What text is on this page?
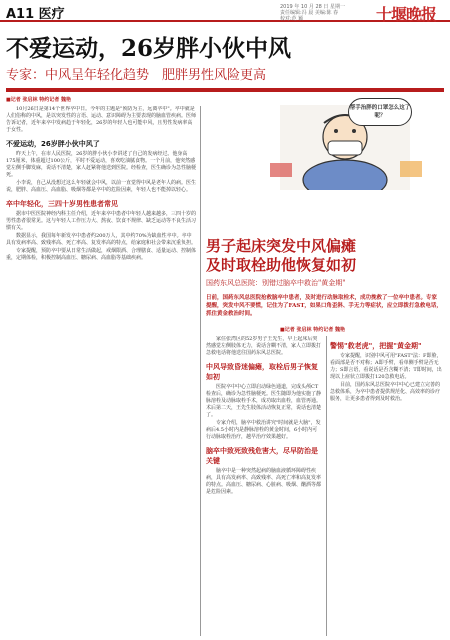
A11 医疗	2019 年 10 月 28 日 星期一
责任编辑:冯 晨 美编:陈 春
校对:范 颖	十堰晚报
不爱运动，26岁胖小伙中风
专家：中风呈年轻化趋势　肥胖男性风险更高
■记者 张启林 特约记者 魏艳
帮手治胖的口罩怎么这了呢？

10月26日是第14个世界卒中日。今年的主题是"预防为主，远离卒中"。卒中就是人们俗称的中风，是以突发性的言语、运动、意识障碍为主要表现的脑血管疾病。医师告诉记者，近年来卒中发病趋于年轻化，26岁的年轻人也可能中风，且男性发病率高于女性。

不爱运动，26岁胖小伙中风了

昨天上午，在市人民医院，26岁的胖小伙小李讲述了自己的发病经过。他身高175厘米，体重超过100公斤，平时不爱运动，喜欢吃油腻食物。一个月前，他突然感觉左侧手脚发麻，说话不清楚，家人赶紧将他送到医院。经检查，医生确诊为急性脑梗死。

小李说，自己从没想过这么年轻就会中风，以前一直觉得中风是老年人的病。医生说，肥胖、高血压、高血脂、吸烟等都是卒中的危险因素，年轻人也不能掉以轻心。

卒中年轻化，三四十岁男性患者常见

据市中医医院神经内科主任介绍，近年来卒中患者中年轻人越来越多，三四十岁的男性患者很常见。这与年轻人工作压力大、熬夜、饮食不规律、缺乏运动等不良生活习惯有关。

数据显示，我国每年新发卒中患者约200万人，其中约70%为缺血性卒中。卒中具有发病率高、致残率高、死亡率高、复发率高的特点，给家庭和社会带来沉重负担。

专家提醒，预防卒中要从日常生活做起，戒烟限酒、合理膳食、适量运动、控制体重，定期体检，积极控制高血压、糖尿病、高血脂等基础疾病。

男子起床突发中风偏瘫
及时取栓助他恢复如初
国药东风总医院：别错过脑卒中救治"黄金期"
日前，国药东风总医院抢救脑卒中患者，及时进行动脉取栓术，成功挽救了一位卒中患者。专家提醒，突发中风不要慌，记住为了FAST，如果口角歪斜、手无力等症状，应立即拨打急救电话，抓住黄金救治时间。
■记者 张启林 特约记者 魏艳

家住张湾区的52岁男子王先生，早上起床后突然感觉左侧肢体无力，说话含糊不清，家人立即拨打急救电话将他送往国药东风总医院。

中风导致昏迷偏瘫，取栓后男子恢复如初

医院卒中中心立即启动绿色通道，完成头颅CT检查后，确诊为急性脑梗死。医生随即为他实施了静脉溶栓及动脉取栓手术，成功取出血栓，血管再通。术后第二天，王先生肢体活动恢复正常，说话也清楚了。

专家介绍，脑卒中救治讲究"时间就是大脑"，发病后4.5小时内是静脉溶栓的黄金时间，6小时内可行动脉取栓治疗，越早治疗效果越好。

脑卒中致死致残危害大，尽早防治是关键

脑卒中是一种突然起病的脑血液循环障碍性疾病，具有高发病率、高致残率、高死亡率和高复发率的特点。高血压、糖尿病、心脏病、吸烟、酗酒等都是危险因素。

警惕"救老虎"，把握"黄金期"

专家提醒，识别中风可用"FAST"法：F即脸，看面部是否不对称；A即手臂，看单侧手臂是否无力；S即言语，看说话是否含糊不清；T即时间，出现以上症状立即拨打120急救电话。

目前，国药东风总医院卒中中心已建立完善的急救体系，为卒中患者提供规范化、高效率的诊疗服务，让更多患者得到及时救治。
